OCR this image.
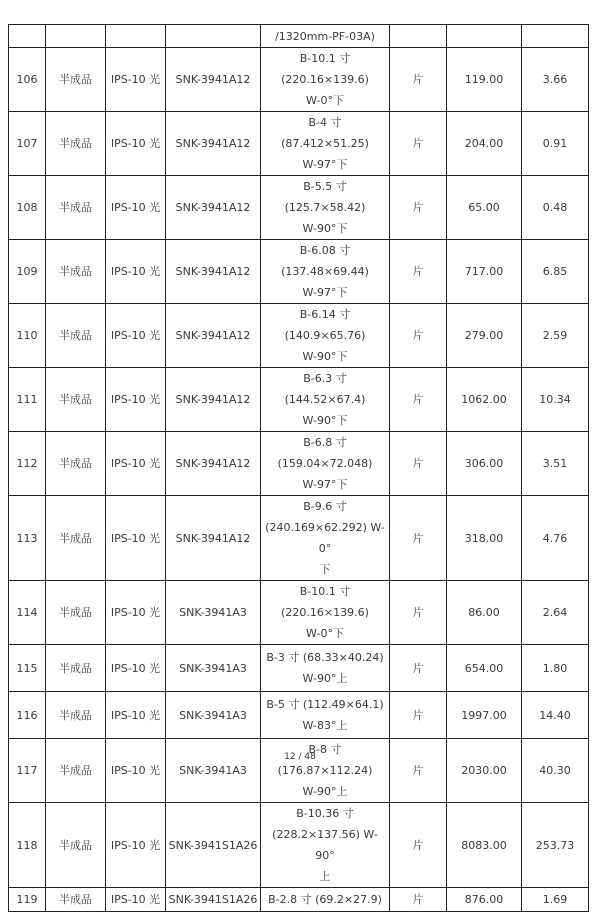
				/1320mm-PF-03A)			
106	半成品	IPS-10 光	SNK-3941A12	B-10.1 寸(220.16×139.6)
W-0°下	片	119.00	3.66
107	半成品	IPS-10 光	SNK-3941A12	B-4 寸 (87.412×51.25)
W-97°下	片	204.00	0.91
108	半成品	IPS-10 光	SNK-3941A12	B-5.5 寸 (125.7×58.42)
W-90°下	片	65.00	0.48
109	半成品	IPS-10 光	SNK-3941A12	B-6.08 寸(137.48×69.44)
W-97°下	片	717.00	6.85
110	半成品	IPS-10 光	SNK-3941A12	B-6.14 寸 (140.9×65.76)
W-90°下	片	279.00	2.59
111	半成品	IPS-10 光	SNK-3941A12	B-6.3 寸 (144.52×67.4)
W-90°下	片	1062.00	10.34
112	半成品	IPS-10 光	SNK-3941A12	B-6.8 寸(159.04×72.048)
W-97°下	片	306.00	3.51
113	半成品	IPS-10 光	SNK-3941A12	B-9.6 寸
(240.169×62.292) W-0°
下	片	318.00	4.76
114	半成品	IPS-10 光	SNK-3941A3	B-10.1 寸(220.16×139.6)
W-0°下	片	86.00	2.64
115	半成品	IPS-10 光	SNK-3941A3	B-3 寸 (68.33×40.24)
W-90°上	片	654.00	1.80
116	半成品	IPS-10 光	SNK-3941A3	B-5 寸 (112.49×64.1)
W-83°上	片	1997.00	14.40
117	半成品	IPS-10 光	SNK-3941A3	B-8 寸 (176.87×112.24)
W-90°上	片	2030.00	40.30
118	半成品	IPS-10 光	SNK-3941S1A26	B-10.36 寸
(228.2×137.56) W-90°
上	片	8083.00	253.73
119	半成品	IPS-10 光	SNK-3941S1A26	B-2.8 寸 (69.2×27.9)	片	876.00	1.69
12 / 48
